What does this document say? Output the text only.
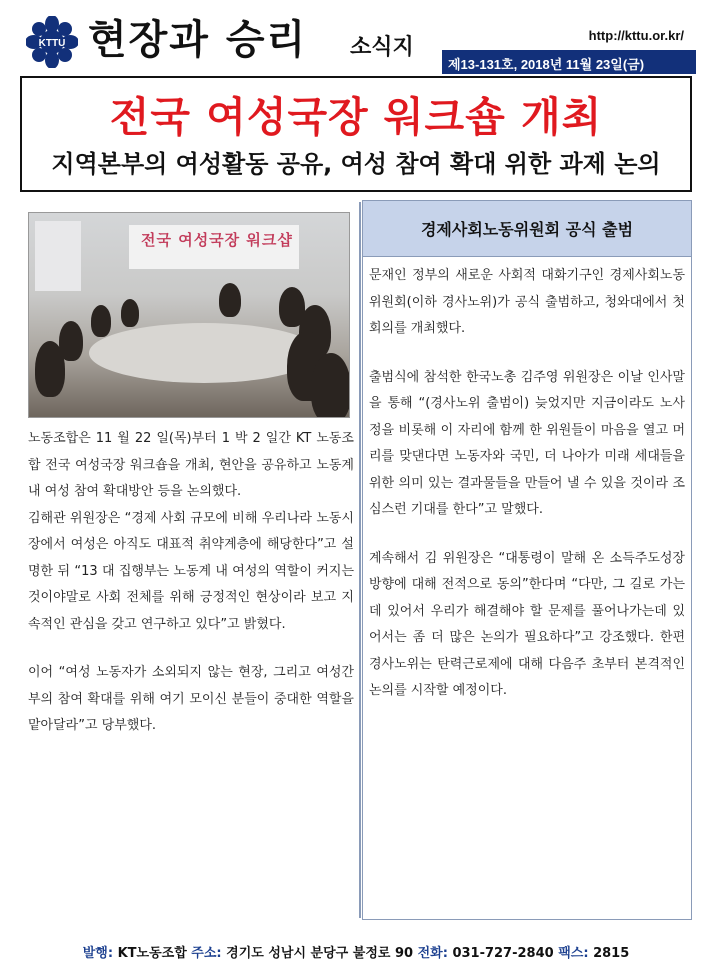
KTTU 현장과 승리 소식지	http://kttu.or.kr/
제13-131호, 2018년 11월 23일(금)
전국 여성국장 워크숍 개최
지역본부의 여성활동 공유, 여성 참여 확대 위한 과제 논의
전국 여성국장 워크샵

노동조합은 11 월 22 일(목)부터 1 박 2 일간 KT 노동조합 전국 여성국장 워크숍을 개최, 현안을 공유하고 노동계 내 여성 참여 확대방안 등을 논의했다.

김해관 위원장은 “경제 사회 규모에 비해 우리나라 노동시장에서 여성은 아직도 대표적 취약계층에 해당한다”고 설명한 뒤 “13 대 집행부는 노동계 내 여성의 역할이 커지는 것이야말로 사회 전체를 위해 긍정적인 현상이라 보고 지속적인 관심을 갖고 연구하고 있다”고 밝혔다.

이어 “여성 노동자가 소외되지 않는 현장, 그리고 여성간부의 참여 확대를 위해 여기 모이신 분들이 중대한 역할을 맡아달라”고 당부했다.

경제사회노동위원회 공식 출범

문재인 정부의 새로운 사회적 대화기구인 경제사회노동위원회(이하 경사노위)가 공식 출범하고, 청와대에서 첫 회의를 개최했다.

출범식에 참석한 한국노총 김주영 위원장은 이날 인사말을 통해 “(경사노위 출범이) 늦었지만 지금이라도 노사정을 비롯해 이 자리에 함께 한 위원들이 마음을 열고 머리를 맞댄다면 노동자와 국민, 더 나아가 미래 세대들을 위한 의미 있는 결과물들을 만들어 낼 수 있을 것이라 조심스런 기대를 한다”고 말했다.

계속해서 김 위원장은 “대통령이 말해 온 소득주도성장 방향에 대해 전적으로 동의”한다며 “다만, 그 길로 가는데 있어서 우리가 해결해야 할 문제를 풀어나가는데 있어서는 좀 더 많은 논의가 필요하다”고 강조했다. 한편 경사노위는 탄력근로제에 대해 다음주 초부터 본격적인 논의를 시작할 예정이다.

발행: KT노동조합 주소: 경기도 성남시 분당구 불정로 90 전화: 031-727-2840 팩스: 2815
